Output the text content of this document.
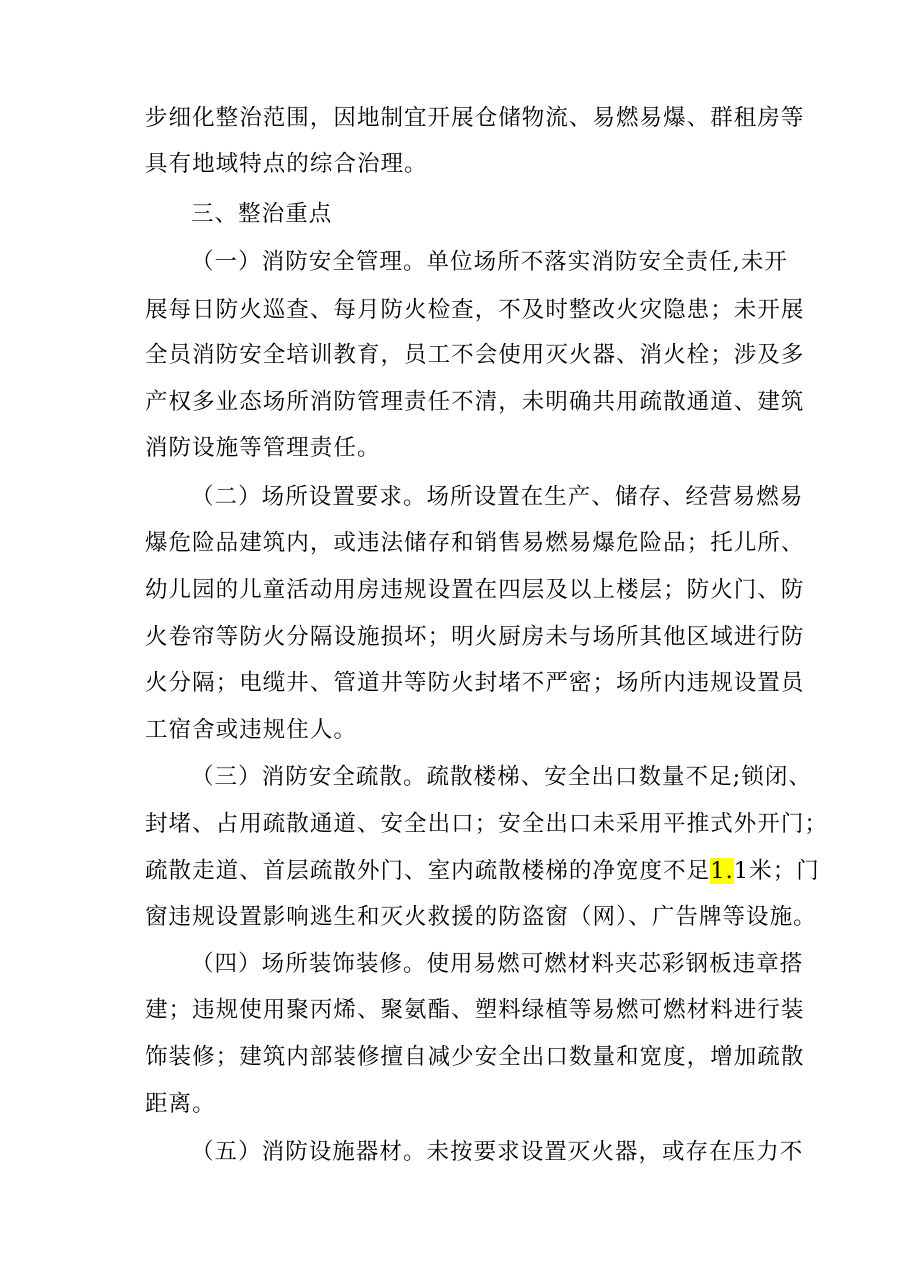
步细化整治范围，因地制宜开展仓储物流、易燃易爆、群租房等
具有地域特点的综合治理。
三、整治重点
（一）消防安全管理。单位场所不落实消防安全责任,未开
展每日防火巡查、每月防火检查，不及时整改火灾隐患；未开展
全员消防安全培训教育，员工不会使用灭火器、消火栓；涉及多
产权多业态场所消防管理责任不清，未明确共用疏散通道、建筑
消防设施等管理责任。
（二）场所设置要求。场所设置在生产、储存、经营易燃易
爆危险品建筑内，或违法储存和销售易燃易爆危险品；托儿所、
幼儿园的儿童活动用房违规设置在四层及以上楼层；防火门、防
火卷帘等防火分隔设施损坏；明火厨房未与场所其他区域进行防
火分隔；电缆井、管道井等防火封堵不严密；场所内违规设置员
工宿舍或违规住人。
（三）消防安全疏散。疏散楼梯、安全出口数量不足;锁闭、
封堵、占用疏散通道、安全出口；安全出口未采用平推式外开门；
疏散走道、首层疏散外门、室内疏散楼梯的净宽度不足1.1米；门
窗违规设置影响逃生和灭火救援的防盗窗（网）、广告牌等设施。
（四）场所装饰装修。使用易燃可燃材料夹芯彩钢板违章搭
建；违规使用聚丙烯、聚氨酯、塑料绿植等易燃可燃材料进行装
饰装修；建筑内部装修擅自减少安全出口数量和宽度，增加疏散
距离。
（五）消防设施器材。未按要求设置灭火器，或存在压力不
